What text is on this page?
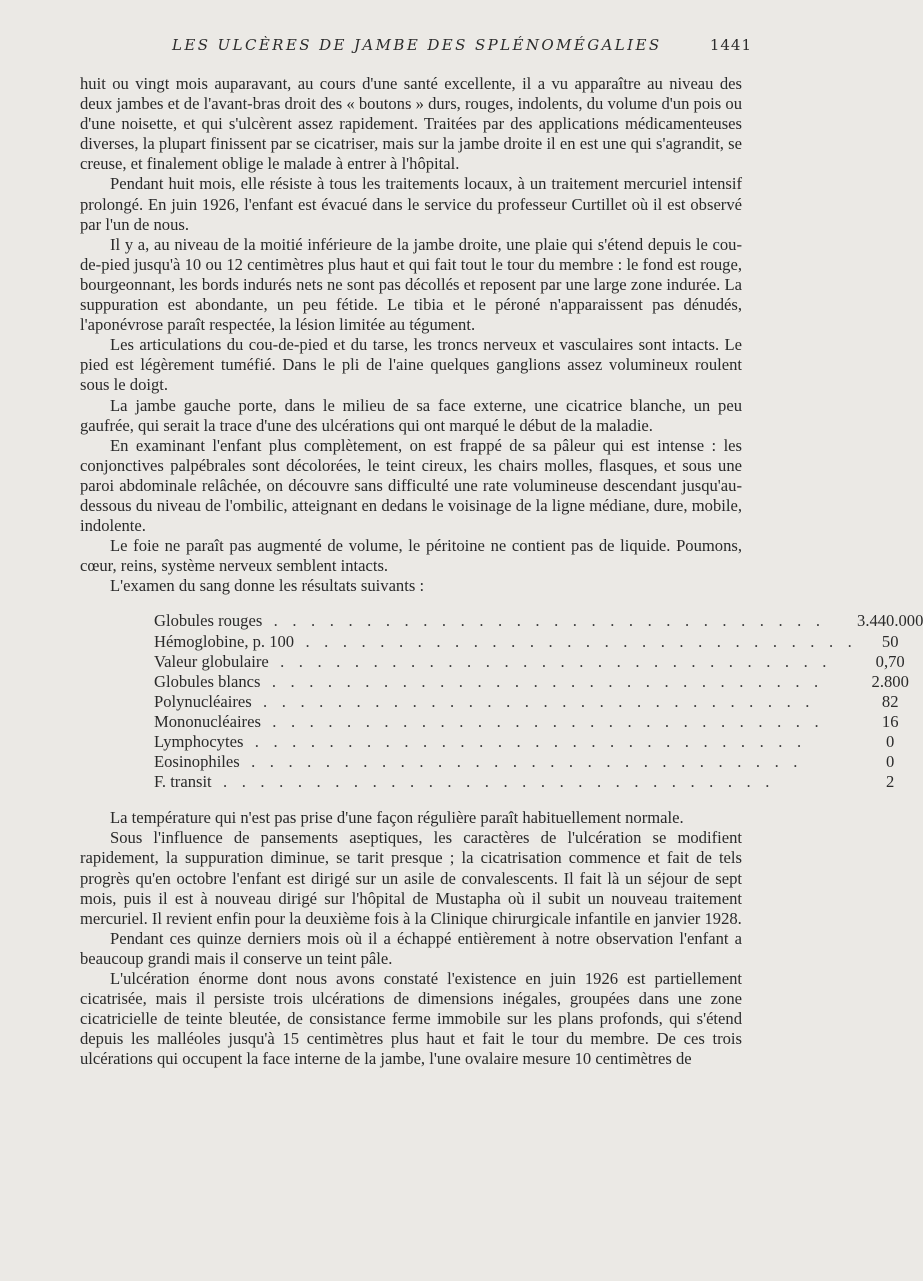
LES ULCÈRES DE JAMBE DES SPLÉNOMÉGALIES	1441

huit ou vingt mois auparavant, au cours d'une santé excellente, il a vu apparaître au niveau des deux jambes et de l'avant-bras droit des « boutons » durs, rouges, indolents, du volume d'un pois ou d'une noisette, et qui s'ulcèrent assez rapidement. Traitées par des applications médicamenteuses diverses, la plupart finissent par se cicatriser, mais sur la jambe droite il en est une qui s'agrandit, se creuse, et finalement oblige le malade à entrer à l'hôpital.

Pendant huit mois, elle résiste à tous les traitements locaux, à un traitement mercuriel intensif prolongé. En juin 1926, l'enfant est évacué dans le service du professeur Curtillet où il est observé par l'un de nous.

Il y a, au niveau de la moitié inférieure de la jambe droite, une plaie qui s'étend depuis le cou-de-pied jusqu'à 10 ou 12 centimètres plus haut et qui fait tout le tour du membre : le fond est rouge, bourgeonnant, les bords indurés nets ne sont pas décollés et reposent par une large zone indurée. La suppuration est abondante, un peu fétide. Le tibia et le péroné n'apparaissent pas dénudés, l'aponévrose paraît respectée, la lésion limitée au tégument.

Les articulations du cou-de-pied et du tarse, les troncs nerveux et vasculaires sont intacts. Le pied est légèrement tuméfié. Dans le pli de l'aine quelques ganglions assez volumineux roulent sous le doigt.

La jambe gauche porte, dans le milieu de sa face externe, une cicatrice blanche, un peu gaufrée, qui serait la trace d'une des ulcérations qui ont marqué le début de la maladie.

En examinant l'enfant plus complètement, on est frappé de sa pâleur qui est intense : les conjonctives palpébrales sont décolorées, le teint cireux, les chairs molles, flasques, et sous une paroi abdominale relâchée, on découvre sans difficulté une rate volumineuse descendant jusqu'au-dessous du niveau de l'ombilic, atteignant en dedans le voisinage de la ligne médiane, dure, mobile, indolente.

Le foie ne paraît pas augmenté de volume, le péritoine ne contient pas de liquide. Poumons, cœur, reins, système nerveux semblent intacts.

L'examen du sang donne les résultats suivants :

Globules rouges . . . . . . . . . . . . . . . . . . . . . . . . . . . . . .	3.440.000
Hémoglobine, p. 100 . . . . . . . . . . . . . . . . . . . . . . . . . . . . . .	50
Valeur globulaire . . . . . . . . . . . . . . . . . . . . . . . . . . . . . .	0,70
Globules blancs . . . . . . . . . . . . . . . . . . . . . . . . . . . . . .	2.800
Polynucléaires . . . . . . . . . . . . . . . . . . . . . . . . . . . . . .	82
Mononucléaires . . . . . . . . . . . . . . . . . . . . . . . . . . . . . .	16
Lymphocytes . . . . . . . . . . . . . . . . . . . . . . . . . . . . . .	0
Eosinophiles . . . . . . . . . . . . . . . . . . . . . . . . . . . . . .	0
F. transit . . . . . . . . . . . . . . . . . . . . . . . . . . . . . .	2

La température qui n'est pas prise d'une façon régulière paraît habituellement normale.

Sous l'influence de pansements aseptiques, les caractères de l'ulcération se modifient rapidement, la suppuration diminue, se tarit presque ; la cicatrisation commence et fait de tels progrès qu'en octobre l'enfant est dirigé sur un asile de convalescents. Il fait là un séjour de sept mois, puis il est à nouveau dirigé sur l'hôpital de Mustapha où il subit un nouveau traitement mercuriel. Il revient enfin pour la deuxième fois à la Clinique chirurgicale infantile en janvier 1928.

Pendant ces quinze derniers mois où il a échappé entièrement à notre observation l'enfant a beaucoup grandi mais il conserve un teint pâle.

L'ulcération énorme dont nous avons constaté l'existence en juin 1926 est partiellement cicatrisée, mais il persiste trois ulcérations de dimensions inégales, groupées dans une zone cicatricielle de teinte bleutée, de consistance ferme immobile sur les plans profonds, qui s'étend depuis les malléoles jusqu'à 15 centimètres plus haut et fait le tour du membre. De ces trois ulcérations qui occupent la face interne de la jambe, l'une ovalaire mesure 10 centimètres de
